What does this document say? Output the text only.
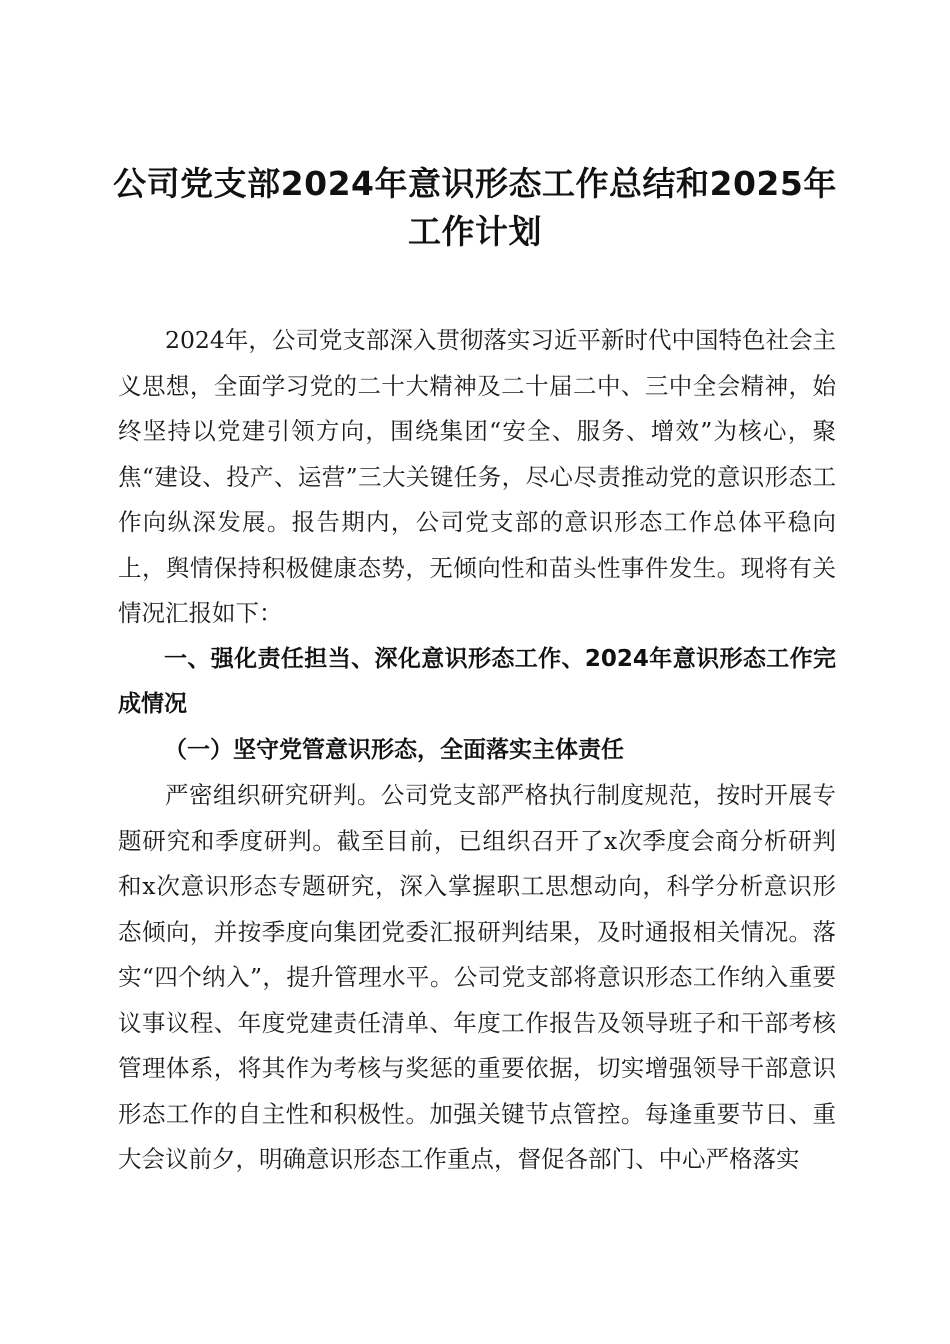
公司党支部2024年意识形态工作总结和2025年工作计划

2024年，公司党支部深入贯彻落实习近平新时代中国特色社会主义思想，全面学习党的二十大精神及二十届二中、三中全会精神，始终坚持以党建引领方向，围绕集团“安全、服务、增效”为核心，聚焦“建设、投产、运营”三大关键任务，尽心尽责推动党的意识形态工作向纵深发展。报告期内，公司党支部的意识形态工作总体平稳向上，舆情保持积极健康态势，无倾向性和苗头性事件发生。现将有关情况汇报如下：

一、强化责任担当、深化意识形态工作、2024年意识形态工作完成情况

（一）坚守党管意识形态，全面落实主体责任

严密组织研究研判。公司党支部严格执行制度规范，按时开展专题研究和季度研判。截至目前，已组织召开了x次季度会商分析研判和x次意识形态专题研究，深入掌握职工思想动向，科学分析意识形态倾向，并按季度向集团党委汇报研判结果，及时通报相关情况。落实“四个纳入”，提升管理水平。公司党支部将意识形态工作纳入重要议事议程、年度党建责任清单、年度工作报告及领导班子和干部考核管理体系，将其作为考核与奖惩的重要依据，切实增强领导干部意识形态工作的自主性和积极性。加强关键节点管控。每逢重要节日、重大会议前夕，明确意识形态工作重点，督促各部门、中心严格落实
